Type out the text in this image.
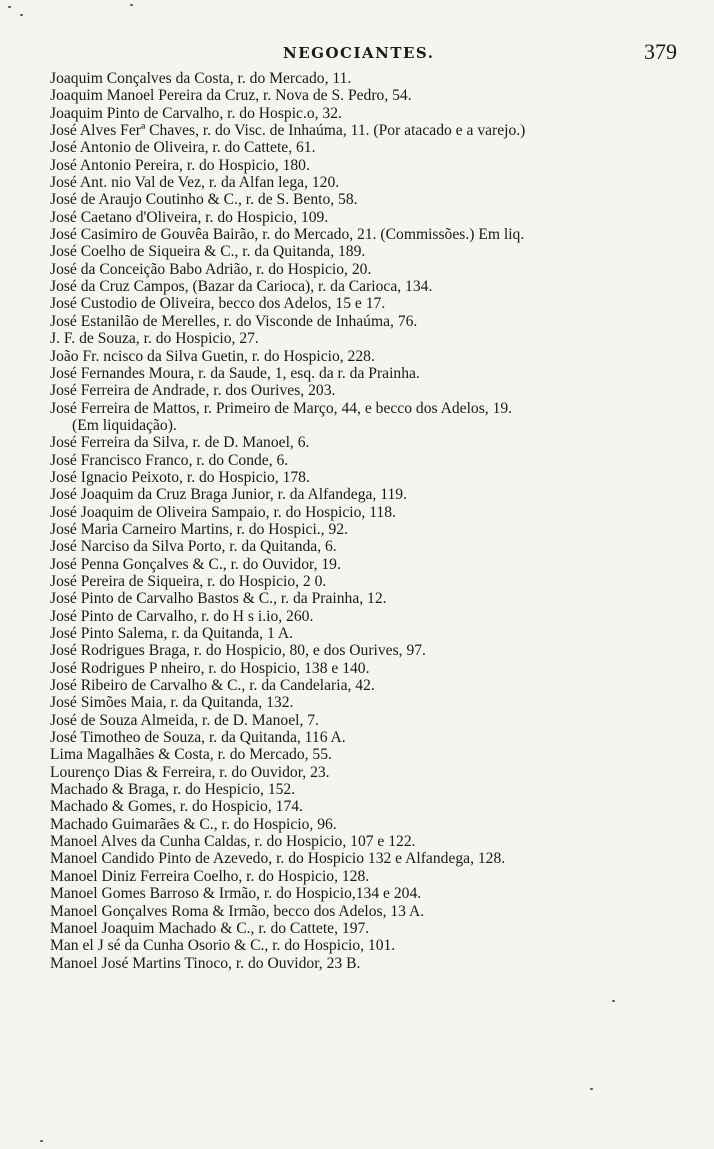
NEGOCIANTES.	379
Joaquim Conçalves da Costa, r. do Mercado, 11.
Joaquim Manoel Pereira da Cruz, r. Nova de S. Pedro, 54.
Joaquim Pinto de Carvalho, r. do Hospic.o, 32.
José Alves Ferª Chaves, r. do Visc. de Inhaúma, 11. (Por atacado e a varejo.)
José Antonio de Oliveira, r. do Cattete, 61.
José Antonio Pereira, r. do Hospicio, 180.
José Ant. nio Val de Vez, r. da Alfan lega, 120.
José de Araujo Coutinho & C., r. de S. Bento, 58.
José Caetano d'Oliveira, r. do Hospicio, 109.
José Casimiro de Gouvêa Bairão, r. do Mercado, 21. (Commissões.) Em liq.
José Coelho de Siqueira & C., r. da Quitanda, 189.
José da Conceição Babo Adrião, r. do Hospicio, 20.
José da Cruz Campos, (Bazar da Carioca), r. da Carioca, 134.
José Custodio de Oliveira, becco dos Adelos, 15 e 17.
José Estanilão de Merelles, r. do Visconde de Inhaúma, 76.
J. F. de Souza, r. do Hospicio, 27.
João Fr. ncisco da Silva Guetin, r. do Hospicio, 228.
José Fernandes Moura, r. da Saude, 1, esq. da r. da Prainha.
José Ferreira de Andrade, r. dos Ourives, 203.
José Ferreira de Mattos, r. Primeiro de Março, 44, e becco dos Adelos, 19.
(Em liquidação).
José Ferreira da Silva, r. de D. Manoel, 6.
José Francisco Franco, r. do Conde, 6.
José Ignacio Peixoto, r. do Hospicio, 178.
José Joaquim da Cruz Braga Junior, r. da Alfandega, 119.
José Joaquim de Oliveira Sampaio, r. do Hospicio, 118.
José Maria Carneiro Martins, r. do Hospici., 92.
José Narciso da Silva Porto, r. da Quitanda, 6.
José Penna Gonçalves & C., r. do Ouvidor, 19.
José Pereira de Siqueira, r. do Hospicio, 2 0.
José Pinto de Carvalho Bastos & C., r. da Prainha, 12.
José Pinto de Carvalho, r. do H s i.io, 260.
José Pinto Salema, r. da Quitanda, 1 A.
José Rodrigues Braga, r. do Hospicio, 80, e dos Ourives, 97.
José Rodrigues P nheiro, r. do Hospicio, 138 e 140.
José Ribeiro de Carvalho & C., r. da Candelaria, 42.
José Simões Maia, r. da Quitanda, 132.
José de Souza Almeida, r. de D. Manoel, 7.
José Timotheo de Souza, r. da Quitanda, 116 A.
Lima Magalhães & Costa, r. do Mercado, 55.
Lourenço Dias & Ferreira, r. do Ouvidor, 23.
Machado & Braga, r. do Hespicio, 152.
Machado & Gomes, r. do Hospicio, 174.
Machado Guimarães & C., r. do Hospicio, 96.
Manoel Alves da Cunha Caldas, r. do Hospicio, 107 e 122.
Manoel Candido Pinto de Azevedo, r. do Hospicio 132 e Alfandega, 128.
Manoel Diniz Ferreira Coelho, r. do Hospicio, 128.
Manoel Gomes Barroso & Irmão, r. do Hospicio,134 e 204.
Manoel Gonçalves Roma & Irmão, becco dos Adelos, 13 A.
Manoel Joaquim Machado & C., r. do Cattete, 197.
Man el J sé da Cunha Osorio & C., r. do Hospicio, 101.
Manoel José Martins Tinoco, r. do Ouvidor, 23 B.
